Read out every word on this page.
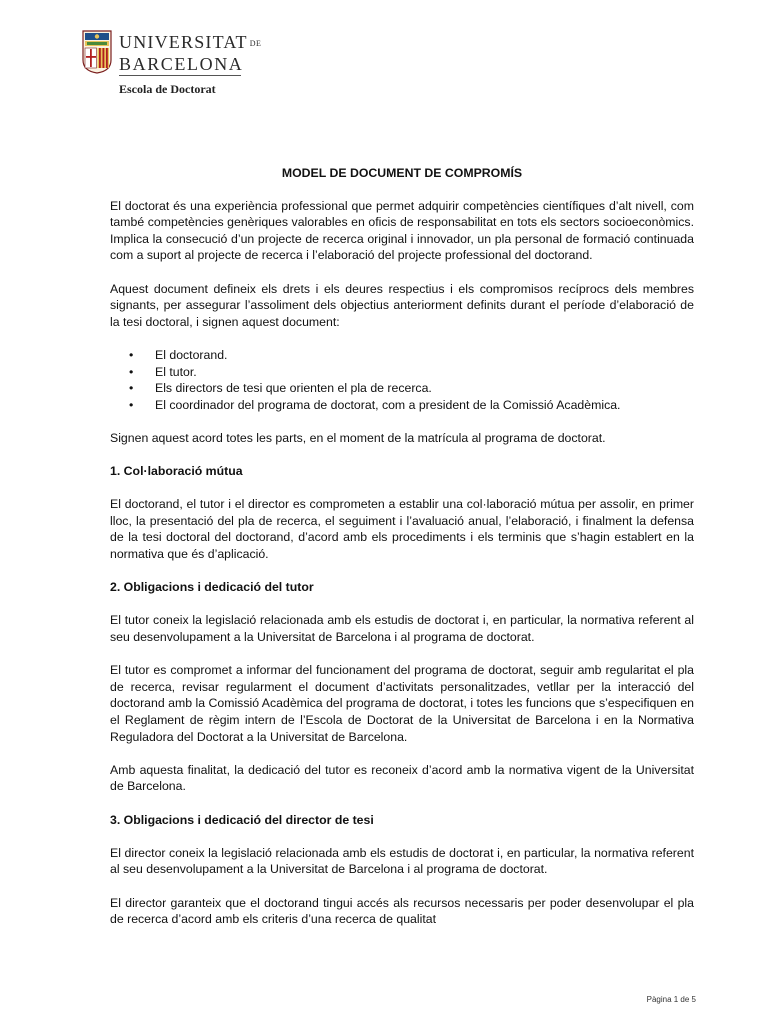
UNIVERSITAT DE
BARCELONA
Escola de Doctorat
MODEL DE DOCUMENT DE COMPROMÍS

El doctorat és una experiència professional que permet adquirir competències científiques d’alt nivell, com també competències genèriques valorables en oficis de responsabilitat en tots els sectors socioeconòmics. Implica la consecució d’un projecte de recerca original i innovador, un pla personal de formació continuada com a suport al projecte de recerca i l’elaboració del projecte professional del doctorand.

Aquest document defineix els drets i els deures respectius i els compromisos recíprocs dels membres signants, per assegurar l’assoliment dels objectius anteriorment definits durant el període d’elaboració de la tesi doctoral, i signen aquest document:

• El doctorand.
• El tutor.
• Els directors de tesi que orienten el pla de recerca.
• El coordinador del programa de doctorat, com a president de la Comissió Acadèmica.

Signen aquest acord totes les parts, en el moment de la matrícula al programa de doctorat.

1. Col·laboració mútua

El doctorand, el tutor i el director es comprometen a establir una col·laboració mútua per assolir, en primer lloc, la presentació del pla de recerca, el seguiment i l’avaluació anual, l’elaboració, i finalment la defensa de la tesi doctoral del doctorand, d’acord amb els procediments i els terminis que s’hagin establert en la normativa que és d’aplicació.

2. Obligacions i dedicació del tutor

El tutor coneix la legislació relacionada amb els estudis de doctorat i, en particular, la normativa referent al seu desenvolupament a la Universitat de Barcelona i al programa de doctorat.

El tutor es compromet a informar del funcionament del programa de doctorat, seguir amb regularitat el pla de recerca, revisar regularment el document d’activitats personalitzades, vetllar per la interacció del doctorand amb la Comissió Acadèmica del programa de doctorat, i totes les funcions que s’especifiquen en el Reglament de règim intern de l’Escola de Doctorat de la Universitat de Barcelona i en la Normativa Reguladora del Doctorat a la Universitat de Barcelona.

Amb aquesta finalitat, la dedicació del tutor es reconeix d’acord amb la normativa vigent de la Universitat de Barcelona.

3. Obligacions i dedicació del director de tesi

El director coneix la legislació relacionada amb els estudis de doctorat i, en particular, la normativa referent al seu desenvolupament a la Universitat de Barcelona i al programa de doctorat.

El director garanteix que el doctorand tingui accés als recursos necessaris per poder desenvolupar el pla de recerca d’acord amb els criteris d’una recerca de qualitat

Pàgina 1 de 5
